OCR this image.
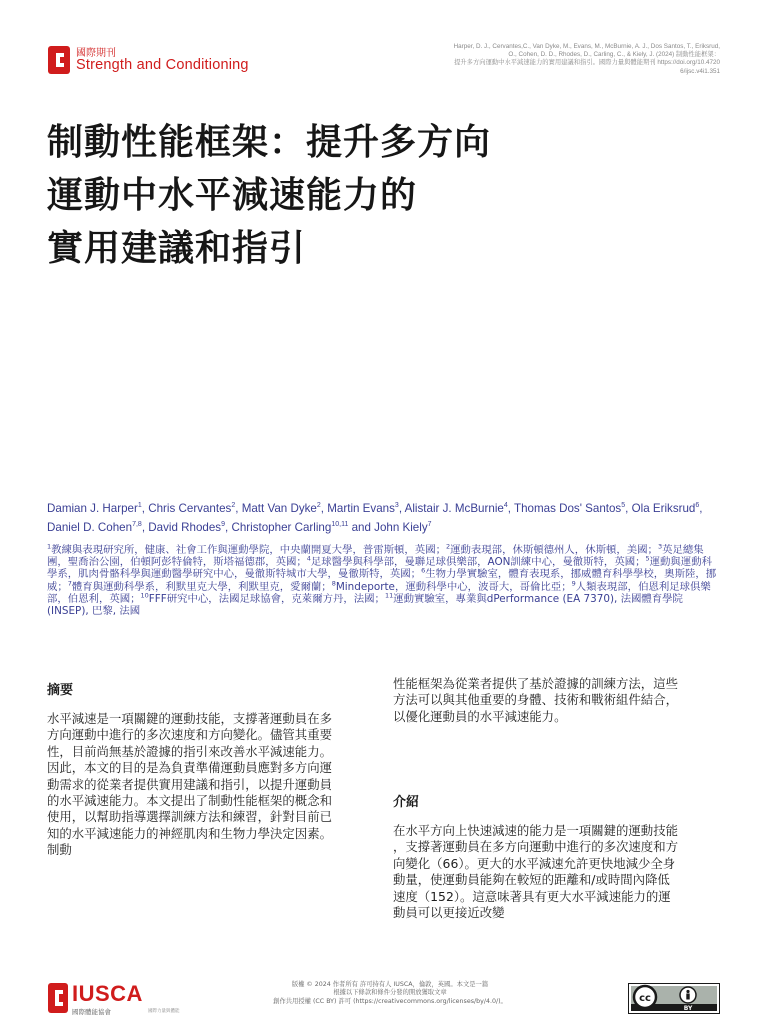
國際期刊
Strength and Conditioning
Harper, D. J., Cervantes,C., Van Dyke, M., Evans, M., McBurnie, A. J., Dos Santos, T., Eriksrud,
O., Cohen, D. D., Rhodes, D., Carling, C., & Kiely, J. (2024) 制動性能框架：
提升多方向運動中水平減速能力的實用建議和指引。國際力量與體能期刊 https://doi.org/10.4720
6/ijsc.v4i1.351
制動性能框架：提升多方向
運動中水平減速能力的
實用建議和指引
Damian J. Harper$^1$, Chris Cervantes$^2$, Matt Van Dyke$^2$, Martin Evans$^3$, Alistair J. McBurnie$^4$, Thomas Dos' Santos$^5$, Ola Eriksrud$^6$, Daniel D. Cohen$^{7,8}$, David Rhodes$^9$, Christopher Carling$^{10,11}$ and John Kiely$^7$
$^1$教練與表現研究所，健康、社會工作與運動學院，中央蘭開夏大學，普雷斯頓，英國；$^2$運動表現部，休斯頓德州人，休斯頓，美國；$^3$英足總集團，聖喬治公園，伯頓阿彭特倫特，斯塔福德郡，英國；$^4$足球醫學與科學部，曼聯足球俱樂部，AON訓練中心，曼徹斯特，英國；$^5$運動與運動科學系，肌肉骨骼科學與運動醫學研究中心，曼徹斯特城市大學，曼徹斯特，英國；$^6$生物力學實驗室，體育表現系，挪威體育科學學校，奧斯陸，挪威；$^7$體育與運動科學系，利默里克大學，利默里克，愛爾蘭；$^8$Mindeporte，運動科學中心，波哥大，哥倫比亞；$^9$人類表現部，伯恩利足球俱樂部，伯恩利，英國；$^{10}$FFF研究中心，法國足球協會，克萊爾方丹，法國；$^{11}$運動實驗室，專業與dPerformance (EA 7370), 法國體育學院 (INSEP), 巴黎, 法國
摘要
水平減速是一項關鍵的運動技能，支撐著運動員在多
方向運動中進行的多次速度和方向變化。儘管其重要
性，目前尚無基於證據的指引來改善水平減速能力。
因此，本文的目的是為負責準備運動員應對多方向運
動需求的從業者提供實用建議和指引，以提升運動員
的水平減速能力。本文提出了制動性能框架的概念和
使用，以幫助指導選擇訓練方法和練習，針對目前已
知的水平減速能力的神經肌肉和生物力學決定因素。
制動
性能框架為從業者提供了基於證據的訓練方法，這些
方法可以與其他重要的身體、技術和戰術組件結合，
以優化運動員的水平減速能力。
介紹
在水平方向上快速減速的能力是一項關鍵的運動技能
，支撐著運動員在多方向運動中進行的多次速度和方
向變化（66）。更大的水平減速允許更快地減少全身
動量，使運動員能夠在較短的距離和/或時間內降低
速度（152）。這意味著具有更大水平減速能力的運
動員可以更接近改變
IUSCA
國際體能協會	國際力量與體能
版權 © 2024 作者所有 許可持有人 IUSCA，倫敦，英國。本文是一篇
根據以下條款和條件分發的開放獲取文章
創作共用授權 (CC BY) 許可 (https://creativecommons.org/licenses/by/4.0/)。	cc
BY
